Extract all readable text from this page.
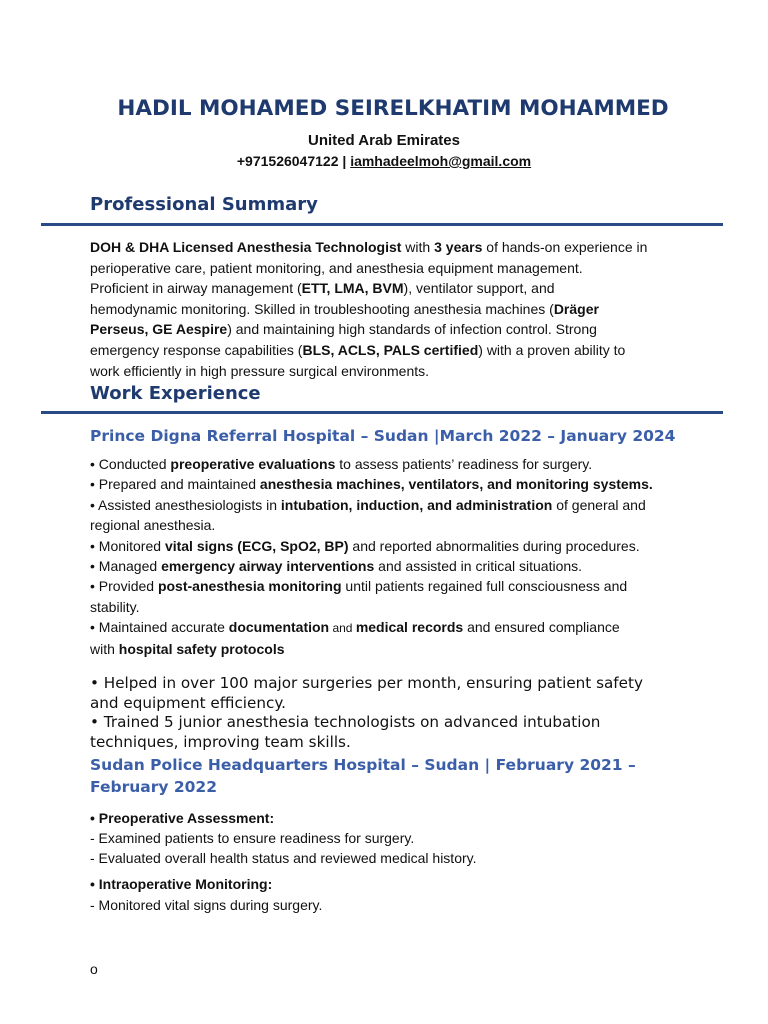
HADIL MOHAMED SEIRELKHATIM MOHAMMED
United Arab Emirates
+971526047122 | iamhadeelmoh@gmail.com
Professional Summary
DOH & DHA Licensed Anesthesia Technologist with 3 years of hands-on experience in
perioperative care, patient monitoring, and anesthesia equipment management.
Proficient in airway management (ETT, LMA, BVM), ventilator support, and
hemodynamic monitoring. Skilled in troubleshooting anesthesia machines (Dräger
Perseus, GE Aespire) and maintaining high standards of infection control. Strong
emergency response capabilities (BLS, ACLS, PALS certified) with a proven ability to
work efficiently in high pressure surgical environments.
Work Experience
Prince Digna Referral Hospital – Sudan |March 2022 – January 2024
• Conducted preoperative evaluations to assess patients’ readiness for surgery.
• Prepared and maintained anesthesia machines, ventilators, and monitoring systems.
• Assisted anesthesiologists in intubation, induction, and administration of general and
regional anesthesia.
• Monitored vital signs (ECG, SpO2, BP) and reported abnormalities during procedures.
• Managed emergency airway interventions and assisted in critical situations.
• Provided post-anesthesia monitoring until patients regained full consciousness and
stability.
• Maintained accurate documentation and medical records and ensured compliance
with hospital safety protocols
• Helped in over 100 major surgeries per month, ensuring patient safety and equipment efficiency.
• Trained 5 junior anesthesia technologists on advanced intubation techniques, improving team skills.
Sudan Police Headquarters Hospital – Sudan | February 2021 – February 2022
• Preoperative Assessment:
- Examined patients to ensure readiness for surgery.
- Evaluated overall health status and reviewed medical history.
• Intraoperative Monitoring:
- Monitored vital signs during surgery.
o
